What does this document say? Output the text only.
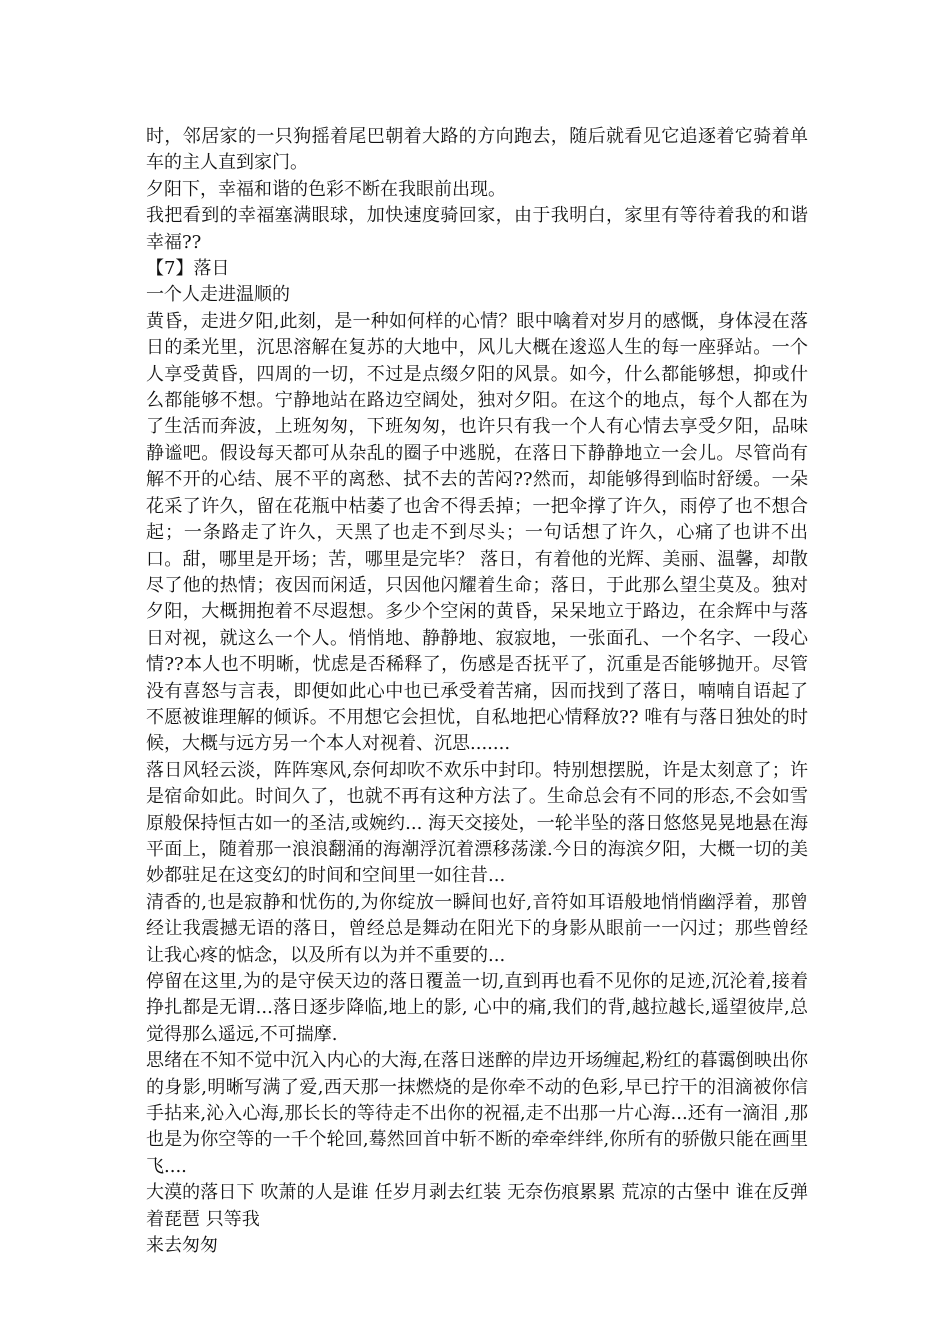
时，邻居家的一只狗摇着尾巴朝着大路的方向跑去，随后就看见它追逐着它骑着单车的主人直到家门。

夕阳下，幸福和谐的色彩不断在我眼前出现。

我把看到的幸福塞满眼球，加快速度骑回家，由于我明白，家里有等待着我的和谐幸福??

【7】落日

一个人走进温顺的

黄昏，走进夕阳,此刻，是一种如何样的心情？眼中噙着对岁月的感慨，身体浸在落日的柔光里，沉思溶解在复苏的大地中，风儿大概在逡巡人生的每一座驿站。一个人享受黄昏，四周的一切，不过是点缀夕阳的风景。如今，什么都能够想，抑或什么都能够不想。宁静地站在路边空阔处，独对夕阳。在这个的地点，每个人都在为了生活而奔波，上班匆匆，下班匆匆，也许只有我一个人有心情去享受夕阳，品味静谧吧。假设每天都可从杂乱的圈子中逃脱，在落日下静静地立一会儿。尽管尚有解不开的心结、展不平的离愁、拭不去的苦闷??然而，却能够得到临时舒缓。一朵花采了许久，留在花瓶中枯萎了也舍不得丢掉；一把伞撑了许久，雨停了也不想合起；一条路走了许久，天黑了也走不到尽头；一句话想了许久，心痛了也讲不出口。甜，哪里是开场；苦，哪里是完毕？ 落日，有着他的光辉、美丽、温馨，却散尽了他的热情；夜因而闲适，只因他闪耀着生命；落日，于此那么望尘莫及。独对夕阳，大概拥抱着不尽遐想。多少个空闲的黄昏，呆呆地立于路边，在余辉中与落日对视，就这么一个人。悄悄地、静静地、寂寂地，一张面孔、一个名字、一段心情??本人也不明晰，忧虑是否稀释了，伤感是否抚平了，沉重是否能够抛开。尽管没有喜怒与言表，即便如此心中也已承受着苦痛，因而找到了落日，喃喃自语起了不愿被谁理解的倾诉。不用想它会担忧，自私地把心情释放?? 唯有与落日独处的时候，大概与远方另一个本人对视着、沉思.......

落日风轻云淡，阵阵寒风,奈何却吹不欢乐中封印。特别想摆脱，许是太刻意了；许是宿命如此。时间久了，也就不再有这种方法了。生命总会有不同的形态,不会如雪原般保持恒古如一的圣洁,或婉约... 海天交接处，一轮半坠的落日悠悠晃晃地悬在海平面上，随着那一浪浪翻涌的海潮浮沉着漂移荡漾.今日的海滨夕阳，大概一切的美妙都驻足在这变幻的时间和空间里一如往昔...

清香的,也是寂静和忧伤的,为你绽放一瞬间也好,音符如耳语般地悄悄幽浮着，那曾经让我震撼无语的落日，曾经总是舞动在阳光下的身影从眼前一一闪过；那些曾经让我心疼的惦念，以及所有以为并不重要的...

停留在这里,为的是守侯天边的落日覆盖一切,直到再也看不见你的足迹,沉沦着,接着挣扎都是无谓...落日逐步降临,地上的影, 心中的痛,我们的背,越拉越长,遥望彼岸,总觉得那么遥远,不可揣摩.

思绪在不知不觉中沉入内心的大海,在落日迷醉的岸边开场缠起,粉红的暮霭倒映出你的身影,明晰写满了爱,西天那一抹燃烧的是你牵不动的色彩,早已拧干的泪滴被你信手拈来,沁入心海,那长长的等待走不出你的祝福,走不出那一片心海...还有一滴泪 ,那也是为你空等的一千个轮回,蓦然回首中斩不断的牵牵绊绊,你所有的骄傲只能在画里飞....

大漠的落日下 吹萧的人是谁 任岁月剥去红装 无奈伤痕累累 荒凉的古堡中 谁在反弹着琵琶 只等我

来去匆匆
